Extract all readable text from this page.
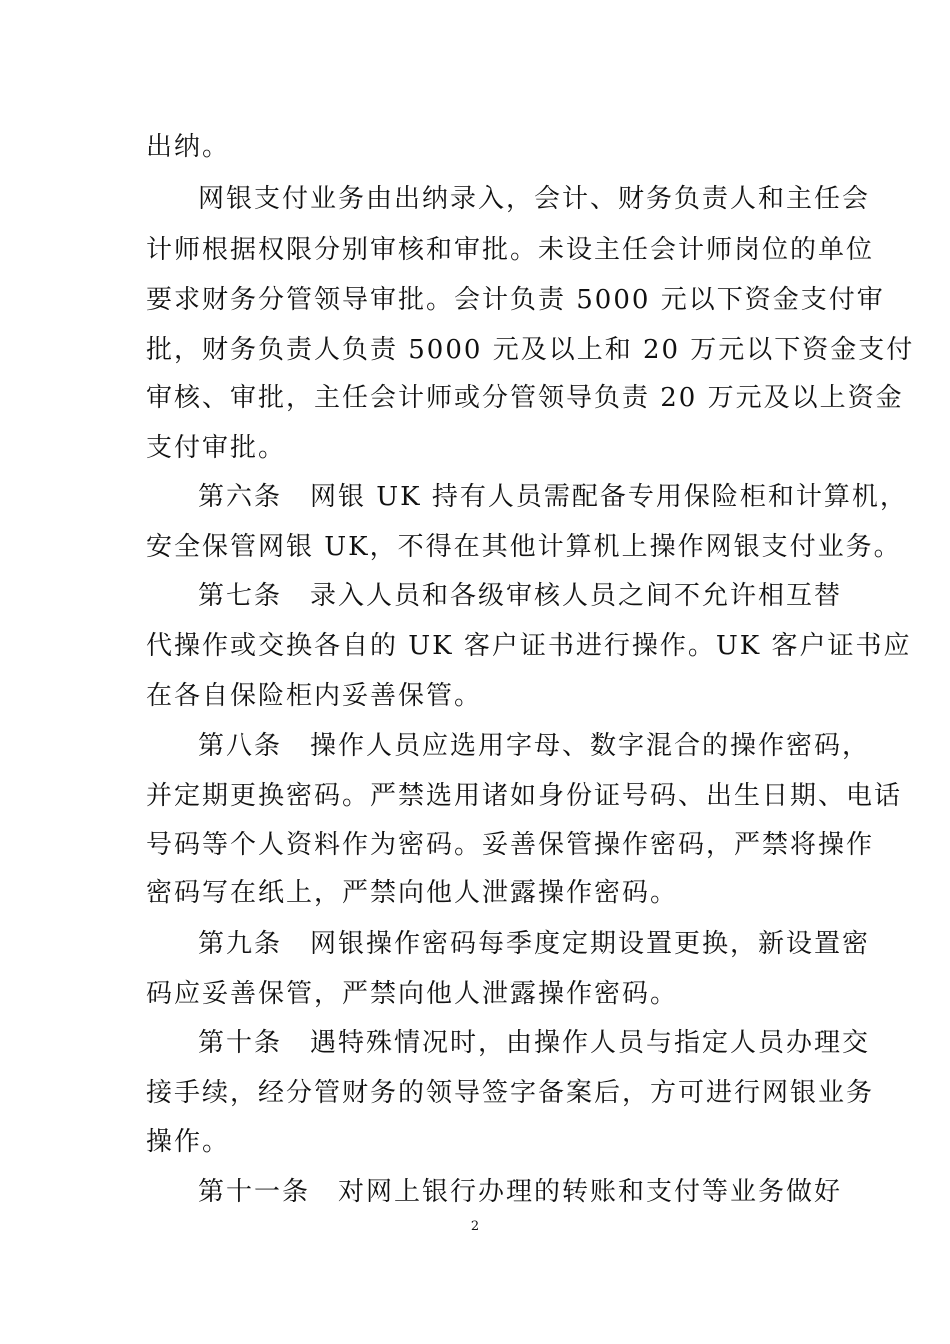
出纳。
网银支付业务由出纳录入，会计、财务负责人和主任会
计师根据权限分别审核和审批。未设主任会计师岗位的单位
要求财务分管领导审批。会计负责 5000 元以下资金支付审
批，财务负责人负责 5000 元及以上和 20 万元以下资金支付
审核、审批，主任会计师或分管领导负责 20 万元及以上资金
支付审批。
第六条　网银 UK 持有人员需配备专用保险柜和计算机，
安全保管网银 UK，不得在其他计算机上操作网银支付业务。
第七条　录入人员和各级审核人员之间不允许相互替
代操作或交换各自的 UK 客户证书进行操作。UK 客户证书应
在各自保险柜内妥善保管。
第八条　操作人员应选用字母、数字混合的操作密码，
并定期更换密码。严禁选用诸如身份证号码、出生日期、电话
号码等个人资料作为密码。妥善保管操作密码，严禁将操作
密码写在纸上，严禁向他人泄露操作密码。
第九条　网银操作密码每季度定期设置更换，新设置密
码应妥善保管，严禁向他人泄露操作密码。
第十条　遇特殊情况时，由操作人员与指定人员办理交
接手续，经分管财务的领导签字备案后，方可进行网银业务
操作。
第十一条　对网上银行办理的转账和支付等业务做好
2
